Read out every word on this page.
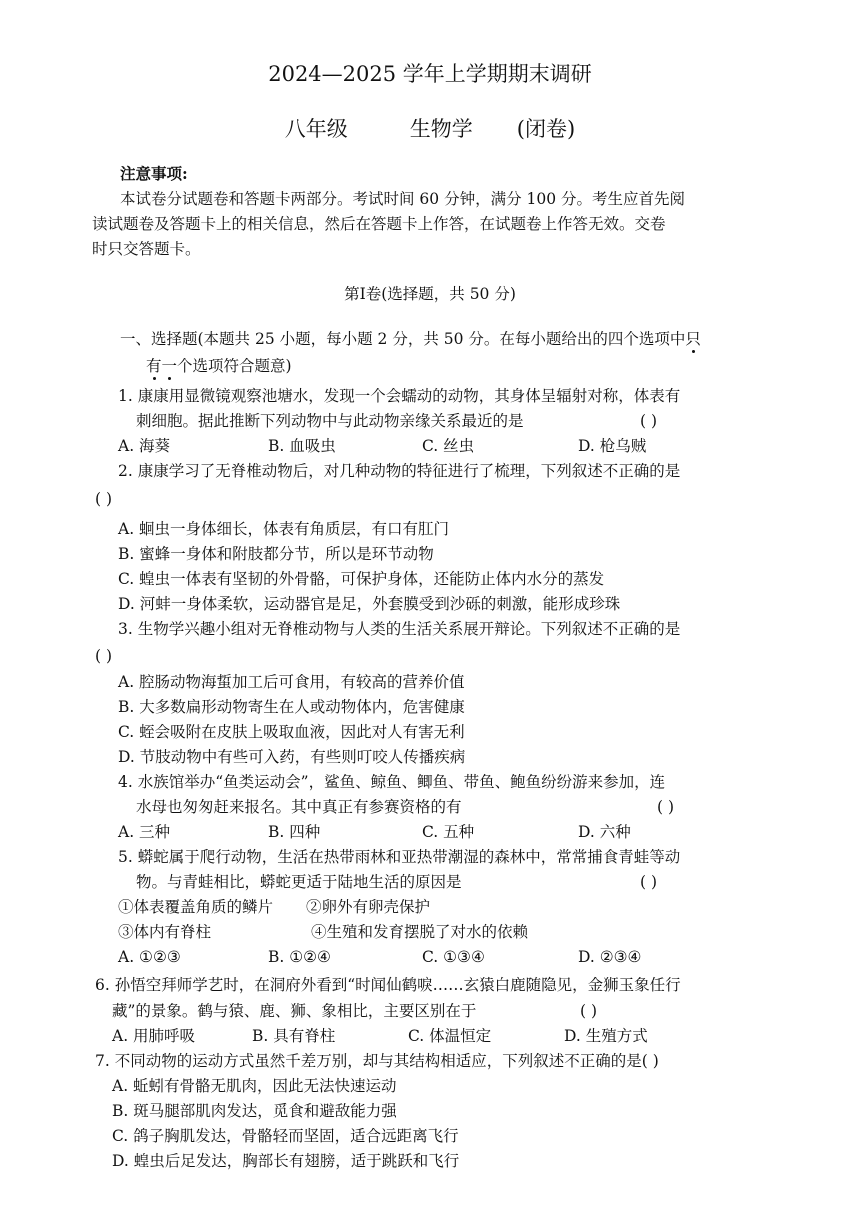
2024—2025 学年上学期期末调研
八年级	生物学 (闭卷)
注意事项:
本试卷分试题卷和答题卡两部分。考试时间 60 分钟，满分 100 分。考生应首先阅
读试题卷及答题卡上的相关信息，然后在答题卡上作答，在试题卷上作答无效。交卷
时只交答题卡。
第Ⅰ卷(选择题，共 50 分)
一、选择题(本题共 25 小题，每小题 2 分，共 50 分。在每小题给出的四个选项中只
有一个选项符合题意)
1. 康康用显微镜观察池塘水，发现一个会蠕动的动物，其身体呈辐射对称，体表有
刺细胞。据此推断下列动物中与此动物亲缘关系最近的是	( )
A. 海葵	B. 血吸虫	C. 丝虫	D. 枪乌贼
2. 康康学习了无脊椎动物后，对几种动物的特征进行了梳理，下列叙述不正确的是
( )
A. 蛔虫一身体细长，体表有角质层，有口有肛门
B. 蜜蜂一身体和附肢都分节，所以是环节动物
C. 蝗虫一体表有坚韧的外骨骼，可保护身体，还能防止体内水分的蒸发
D. 河蚌一身体柔软，运动器官是足，外套膜受到沙砾的刺激，能形成珍珠
3. 生物学兴趣小组对无脊椎动物与人类的生活关系展开辩论。下列叙述不正确的是
( )
A. 腔肠动物海蜇加工后可食用，有较高的营养价值
B. 大多数扁形动物寄生在人或动物体内，危害健康
C. 蛭会吸附在皮肤上吸取血液，因此对人有害无利
D. 节肢动物中有些可入药，有些则叮咬人传播疾病
4. 水族馆举办“鱼类运动会”，鲨鱼、鲸鱼、鲫鱼、带鱼、鲍鱼纷纷游来参加，连
水母也匆匆赶来报名。其中真正有参赛资格的有	( )
A. 三种	B. 四种	C. 五种	D. 六种
5. 蟒蛇属于爬行动物，生活在热带雨林和亚热带潮湿的森林中，常常捕食青蛙等动
物。与青蛙相比，蟒蛇更适于陆地生活的原因是	( )
①体表覆盖角质的鳞片 ②卵外有卵壳保护
③体内有脊柱	④生殖和发育摆脱了对水的依赖
A. ①②③	B. ①②④	C. ①③④	D. ②③④
6. 孙悟空拜师学艺时，在洞府外看到“时闻仙鹤唳……玄猿白鹿随隐见，金狮玉象任行
藏”的景象。鹤与猿、鹿、狮、象相比，主要区别在于	( )
A. 用肺呼吸	B. 具有脊柱	C. 体温恒定	D. 生殖方式
7. 不同动物的运动方式虽然千差万别，却与其结构相适应，下列叙述不正确的是( )
A. 蚯蚓有骨骼无肌肉，因此无法快速运动
B. 斑马腿部肌肉发达，觅食和避敌能力强
C. 鸽子胸肌发达，骨骼轻而坚固，适合远距离飞行
D. 蝗虫后足发达，胸部长有翅膀，适于跳跃和飞行
